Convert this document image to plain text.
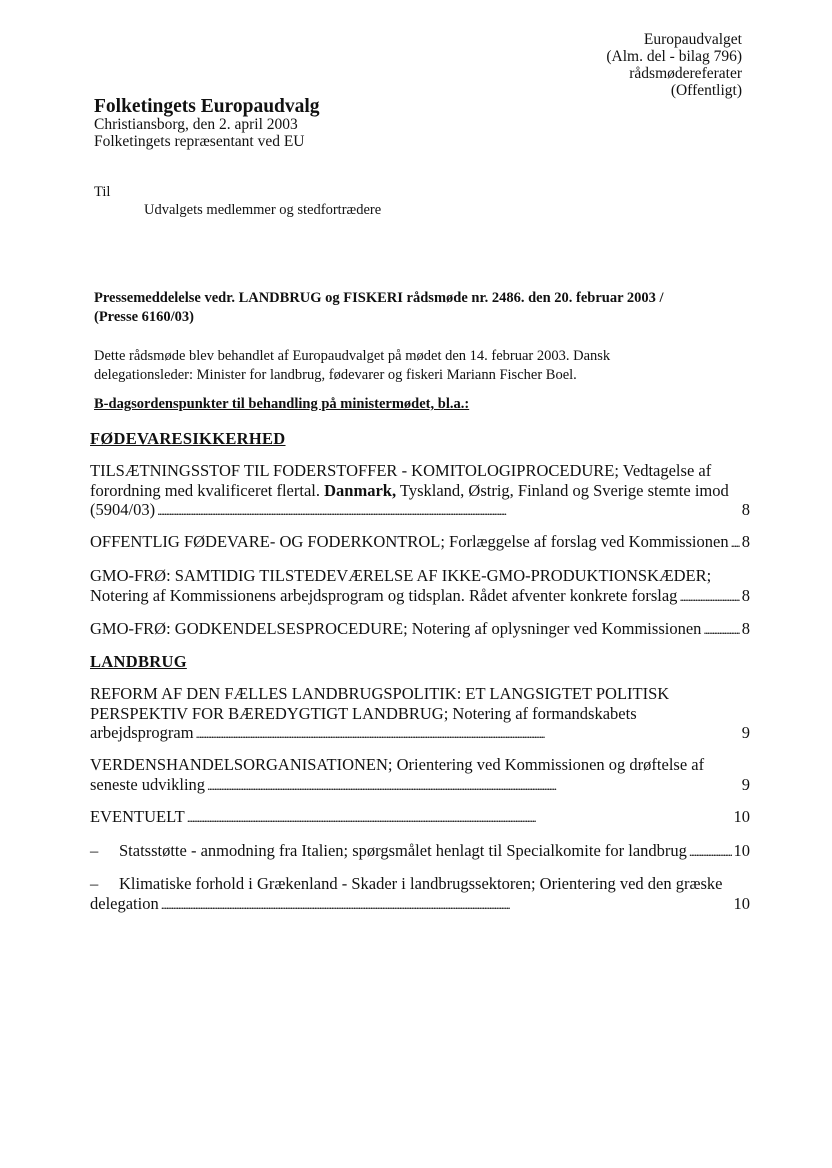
Europaudvalget
(Alm. del - bilag 796)
rådsmødereferater
(Offentligt)
Folketingets Europaudvalg
Christiansborg, den 2. april 2003
Folketingets repræsentant ved EU
Til
Udvalgets medlemmer og stedfortrædere
Pressemeddelelse vedr. LANDBRUG og FISKERI rådsmøde nr. 2486. den 20. februar 2003 /
(Presse 6160/03)
Dette rådsmøde blev behandlet af Europaudvalget på mødet den 14. februar 2003. Dansk
delegationsleder: Minister for landbrug, fødevarer og fiskeri Mariann Fischer Boel.
B-dagsordenspunkter til behandling på ministermødet, bl.a.:
FØDEVARESIKKERHED
TILSÆTNINGSSTOF TIL FODERSTOFFER - KOMITOLOGIPROCEDURE; Vedtagelse af
forordning med kvalificeret flertal. Danmark, Tyskland, Østrig, Finland og Sverige stemte imod
(5904/03) . . .	8
OFFENTLIG FØDEVARE- OG FODERKONTROL; Forlæggelse af forslag ved Kommissionen . . . 8
GMO-FRØ: SAMTIDIG TILSTEDEVÆRELSE AF IKKE-GMO-PRODUKTIONSKÆDER;
Notering af Kommissionens arbejdsprogram og tidsplan. Rådet afventer konkrete forslag . . .	8
GMO-FRØ: GODKENDELSESPROCEDURE; Notering af oplysninger ved Kommissionen . . . 8
LANDBRUG
REFORM AF DEN FÆLLES LANDBRUGSPOLITIK: ET LANGSIGTET POLITISK
PERSPEKTIV FOR BÆREDYGTIGT LANDBRUG; Notering af formandskabets
arbejdsprogram . . .	9
VERDENSHANDELSORGANISATIONEN; Orientering ved Kommissionen og drøftelse af
seneste udvikling . . .	9
EVENTUELT . . .	10
– Statsstøtte - anmodning fra Italien; spørgsmålet henlagt til Specialkomite for landbrug . . .	10
– Klimatiske forhold i Grækenland - Skader i landbrugssektoren; Orientering ved den græske
delegation . . .	10
